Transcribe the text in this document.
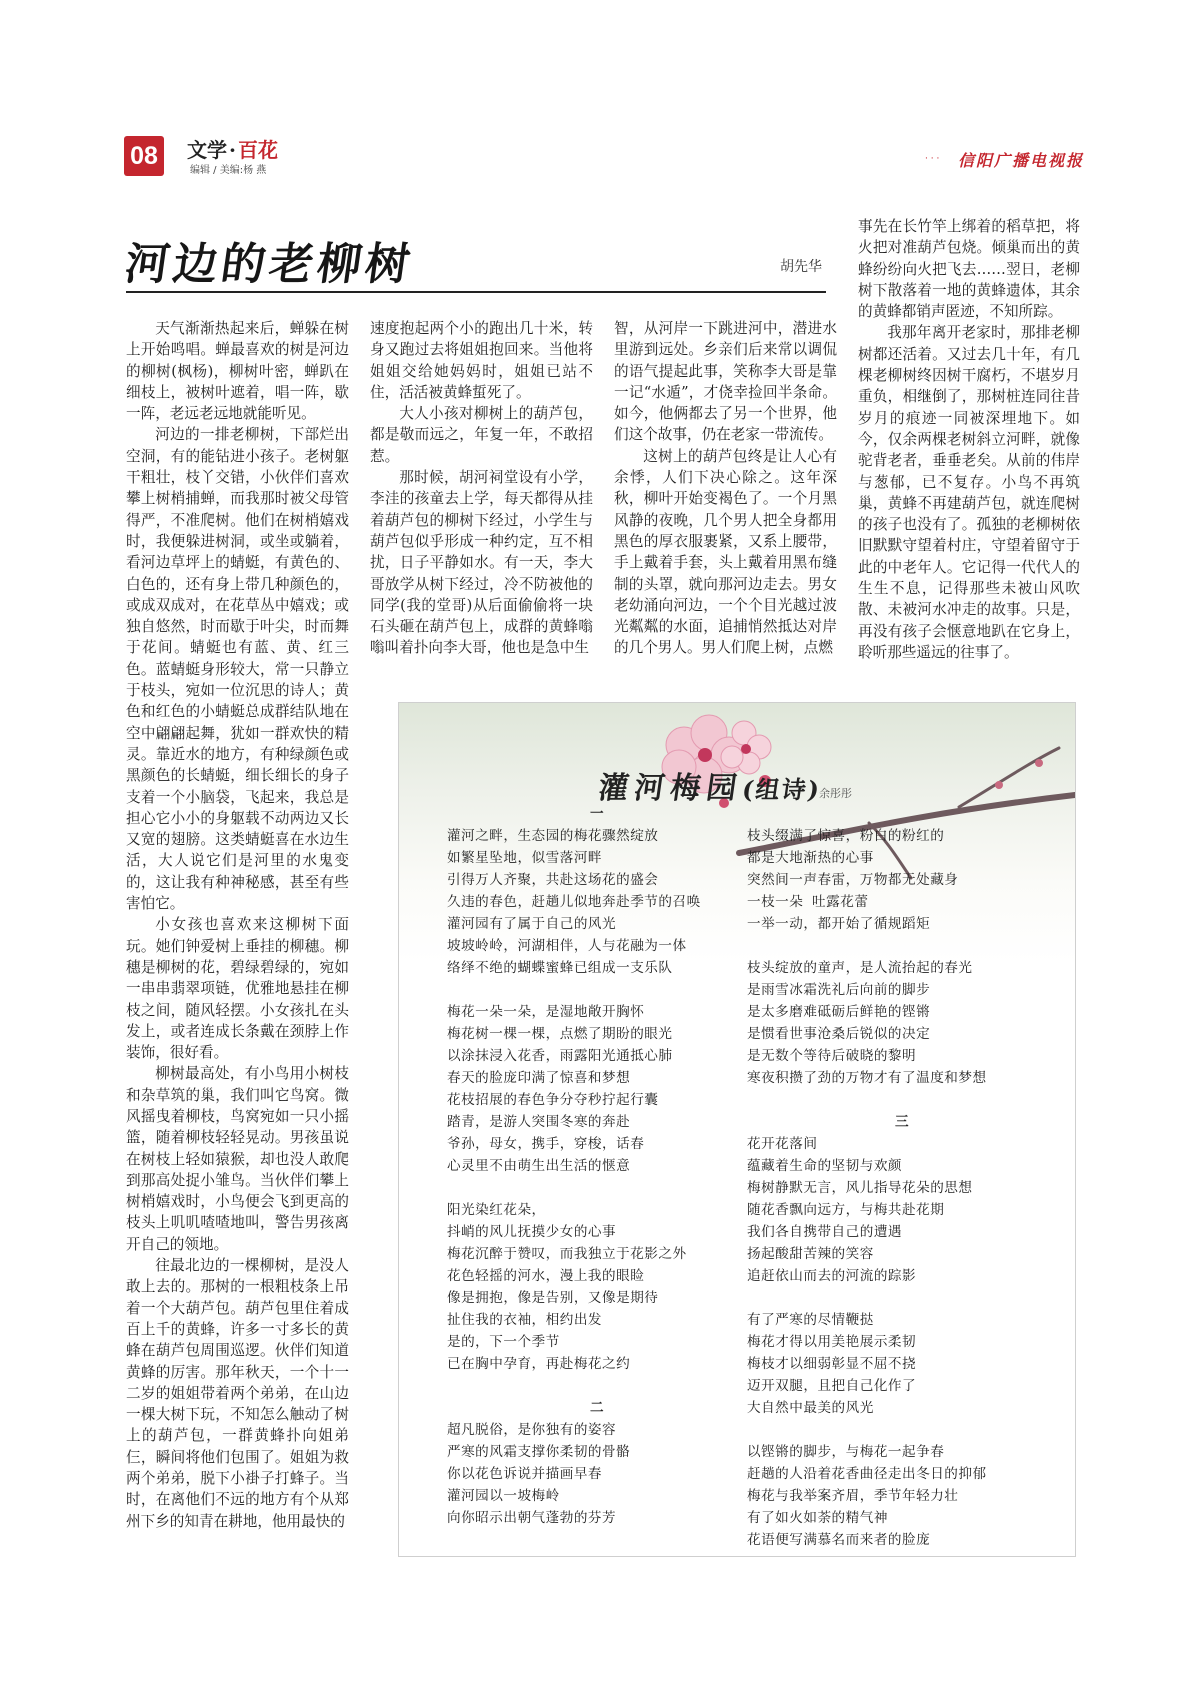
08	文学 · 百花
编辑 / 美编:杨 燕
· · · 信阳广播电视报
河边的老柳树	胡先华

天气渐渐热起来后，蝉躲在树上开始鸣唱。蝉最喜欢的树是河边的柳树(枫杨)，柳树叶密，蝉趴在细枝上，被树叶遮着，唱一阵，歇一阵，老远老远地就能听见。

河边的一排老柳树，下部烂出空洞，有的能钻进小孩子。老树躯干粗壮，枝丫交错，小伙伴们喜欢攀上树梢捕蝉，而我那时被父母管得严，不准爬树。他们在树梢嬉戏时，我便躲进树洞，或坐或躺着，看河边草坪上的蜻蜓，有黄色的、白色的，还有身上带几种颜色的，或成双成对，在花草丛中嬉戏；或独自悠然，时而歇于叶尖，时而舞于花间。蜻蜓也有蓝、黄、红三色。蓝蜻蜓身形较大，常一只静立于枝头，宛如一位沉思的诗人；黄色和红色的小蜻蜓总成群结队地在空中翩翩起舞，犹如一群欢快的精灵。靠近水的地方，有种绿颜色或黑颜色的长蜻蜓，细长细长的身子支着一个小脑袋，飞起来，我总是担心它小小的身躯载不动两边又长又宽的翅膀。这类蜻蜓喜在水边生活，大人说它们是河里的水鬼变的，这让我有种神秘感，甚至有些害怕它。

小女孩也喜欢来这柳树下面玩。她们钟爱树上垂挂的柳穗。柳穗是柳树的花，碧绿碧绿的，宛如一串串翡翠项链，优雅地悬挂在柳枝之间，随风轻摆。小女孩扎在头发上，或者连成长条戴在颈脖上作装饰，很好看。

柳树最高处，有小鸟用小树枝和杂草筑的巢，我们叫它鸟窝。微风摇曳着柳枝，鸟窝宛如一只小摇篮，随着柳枝轻轻晃动。男孩虽说在树枝上轻如猿猴，却也没人敢爬到那高处捉小雏鸟。当伙伴们攀上树梢嬉戏时，小鸟便会飞到更高的枝头上叽叽喳喳地叫，警告男孩离开自己的领地。

往最北边的一棵柳树，是没人敢上去的。那树的一根粗枝条上吊着一个大葫芦包。葫芦包里住着成百上千的黄蜂，许多一寸多长的黄蜂在葫芦包周围巡逻。伙伴们知道黄蜂的厉害。那年秋天，一个十一二岁的姐姐带着两个弟弟，在山边一棵大树下玩，不知怎么触动了树上的葫芦包，一群黄蜂扑向姐弟仨，瞬间将他们包围了。姐姐为救两个弟弟，脱下小褂子打蜂子。当时，在离他们不远的地方有个从郑州下乡的知青在耕地，他用最快的

速度抱起两个小的跑出几十米，转身又跑过去将姐姐抱回来。当他将姐姐交给她妈妈时，姐姐已站不住，活活被黄蜂蜇死了。

大人小孩对柳树上的葫芦包，都是敬而远之，年复一年，不敢招惹。

那时候，胡河祠堂设有小学，李洼的孩童去上学，每天都得从挂着葫芦包的柳树下经过，小学生与葫芦包似乎形成一种约定，互不相扰，日子平静如水。有一天，李大哥放学从树下经过，冷不防被他的同学(我的堂哥)从后面偷偷将一块石头砸在葫芦包上，成群的黄蜂嗡嗡叫着扑向李大哥，他也是急中生

智，从河岸一下跳进河中，潜进水里游到远处。乡亲们后来常以调侃的语气提起此事，笑称李大哥是靠一记“水遁”，才侥幸捡回半条命。如今，他俩都去了另一个世界，他们这个故事，仍在老家一带流传。

这树上的葫芦包终是让人心有余悸，人们下决心除之。这年深秋，柳叶开始变褐色了。一个月黑风静的夜晚，几个男人把全身都用黑色的厚衣服裹紧，又系上腰带，手上戴着手套，头上戴着用黑布缝制的头罩，就向那河边走去。男女老幼涌向河边，一个个目光越过波光粼粼的水面，追捕悄然抵达对岸的几个男人。男人们爬上树，点燃

事先在长竹竿上绑着的稻草把，将火把对准葫芦包烧。倾巢而出的黄蜂纷纷向火把飞去……翌日，老柳树下散落着一地的黄蜂遗体，其余的黄蜂都销声匿迹，不知所踪。

我那年离开老家时，那排老柳树都还活着。又过去几十年，有几棵老柳树终因树干腐朽，不堪岁月重负，相继倒了，那树桩连同往昔岁月的痕迹一同被深埋地下。如今，仅余两棵老树斜立河畔，就像驼背老者，垂垂老矣。从前的伟岸与葱郁，已不复存。小鸟不再筑巢，黄蜂不再建葫芦包，就连爬树的孩子也没有了。孤独的老柳树依旧默默守望着村庄，守望着留守于此的中老年人。它记得一代代人的生生不息，记得那些未被山风吹散、未被河水冲走的故事。只是，再没有孩子会惬意地趴在它身上，聆听那些遥远的往事了。

灌河梅园(组诗)
余彤彤
一
灌河之畔，生态园的梅花骤然绽放
如繁星坠地，似雪落河畔
引得万人齐聚，共赴这场花的盛会
久违的春色，赶趟儿似地奔赴季节的召唤
灌河园有了属于自己的风光
坡坡岭岭，河湖相伴，人与花融为一体
络绎不绝的蝴蝶蜜蜂已组成一支乐队
梅花一朵一朵，是湿地敞开胸怀
梅花树一棵一棵，点燃了期盼的眼光
以涂抹浸入花香，雨露阳光通抵心肺
春天的脸庞印满了惊喜和梦想
花枝招展的春色争分夺秒拧起行囊
踏青，是游人突围冬寒的奔赴
爷孙，母女，携手，穿梭，话春
心灵里不由萌生出生活的惬意
阳光染红花朵，
抖峭的风儿抚摸少女的心事
梅花沉醉于赞叹，而我独立于花影之外
花色轻摇的河水，漫上我的眼睑
像是拥抱，像是告别，又像是期待
扯住我的衣袖，相约出发
是的，下一个季节
已在胸中孕育，再赴梅花之约
二
超凡脱俗，是你独有的姿容
严寒的风霜支撑你柔韧的骨骼
你以花色诉说并描画早春
灌河园以一坡梅岭
向你昭示出朝气蓬勃的芬芳
枝头缀满了惊喜，粉白的粉红的
都是大地渐热的心事
突然间一声春雷，万物都无处藏身
一枝一朵 吐露花蕾
一举一动，都开始了循规蹈矩
枝头绽放的童声，是人流抬起的春光
是雨雪冰霜洗礼后向前的脚步
是太多磨难砥砺后鲜艳的铿锵
是惯看世事沧桑后锐似的决定
是无数个等待后破晓的黎明
寒夜积攒了劲的万物才有了温度和梦想
三
花开花落间
蕴藏着生命的坚韧与欢颜
梅树静默无言，风儿指导花朵的思想
随花香飘向远方，与梅共赴花期
我们各自携带自己的遭遇
扬起酸甜苦辣的笑容
追赶依山而去的河流的踪影
有了严寒的尽情鞭挞
梅花才得以用美艳展示柔韧
梅枝才以细弱彰显不屈不挠
迈开双腿，且把自己化作了
大自然中最美的风光
以铿锵的脚步，与梅花一起争春
赶趟的人沿着花香曲径走出冬日的抑郁
梅花与我举案齐眉，季节年轻力壮
有了如火如荼的精气神
花语便写满慕名而来者的脸庞
